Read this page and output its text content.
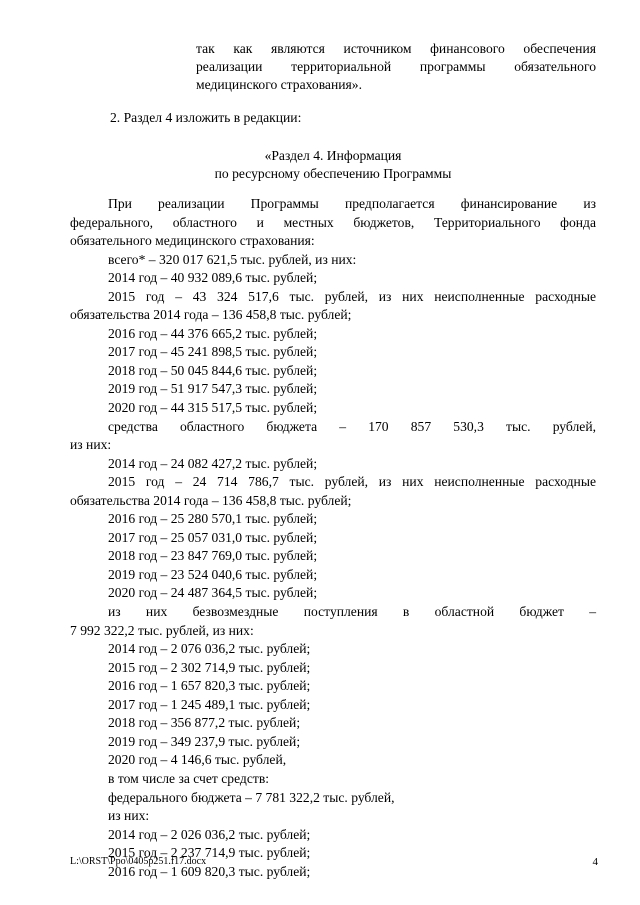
так как являются источником финансового обеспечения
реализации территориальной программы обязательного
медицинского страхования».
2. Раздел 4 изложить в редакции:
«Раздел 4. Информация
по ресурсному обеспечению Программы
При реализации Программы предполагается финансирование из
федерального, областного и местных бюджетов, Территориального фонда
обязательного медицинского страхования:
всего* – 320 017 621,5 тыс. рублей, из них:
2014 год – 40 932 089,6 тыс. рублей;
2015 год – 43 324 517,6 тыс. рублей, из них неисполненные расходные
обязательства 2014 года – 136 458,8 тыс. рублей;
2016 год – 44 376 665,2 тыс. рублей;
2017 год – 45 241 898,5 тыс. рублей;
2018 год – 50 045 844,6 тыс. рублей;
2019 год – 51 917 547,3 тыс. рублей;
2020 год – 44 315 517,5 тыс. рублей;
средства областного бюджета – 170 857 530,3 тыс. рублей,
из них:
2014 год – 24 082 427,2 тыс. рублей;
2015 год – 24 714 786,7 тыс. рублей, из них неисполненные расходные
обязательства 2014 года – 136 458,8 тыс. рублей;
2016 год – 25 280 570,1 тыс. рублей;
2017 год – 25 057 031,0 тыс. рублей;
2018 год – 23 847 769,0 тыс. рублей;
2019 год – 23 524 040,6 тыс. рублей;
2020 год – 24 487 364,5 тыс. рублей;
из них безвозмездные поступления в областной бюджет –
7 992 322,2 тыс. рублей, из них:
2014 год – 2 076 036,2 тыс. рублей;
2015 год – 2 302 714,9 тыс. рублей;
2016 год – 1 657 820,3 тыс. рублей;
2017 год – 1 245 489,1 тыс. рублей;
2018 год – 356 877,2 тыс. рублей;
2019 год – 349 237,9 тыс. рублей;
2020 год – 4 146,6 тыс. рублей,
в том числе за счет средств:
федерального бюджета – 7 781 322,2 тыс. рублей,
из них:
2014 год – 2 026 036,2 тыс. рублей;
2015 год – 2 237 714,9 тыс. рублей;
2016 год – 1 609 820,3 тыс. рублей;
L:\ORST\Ppo\0405p251.f17.docx	4
